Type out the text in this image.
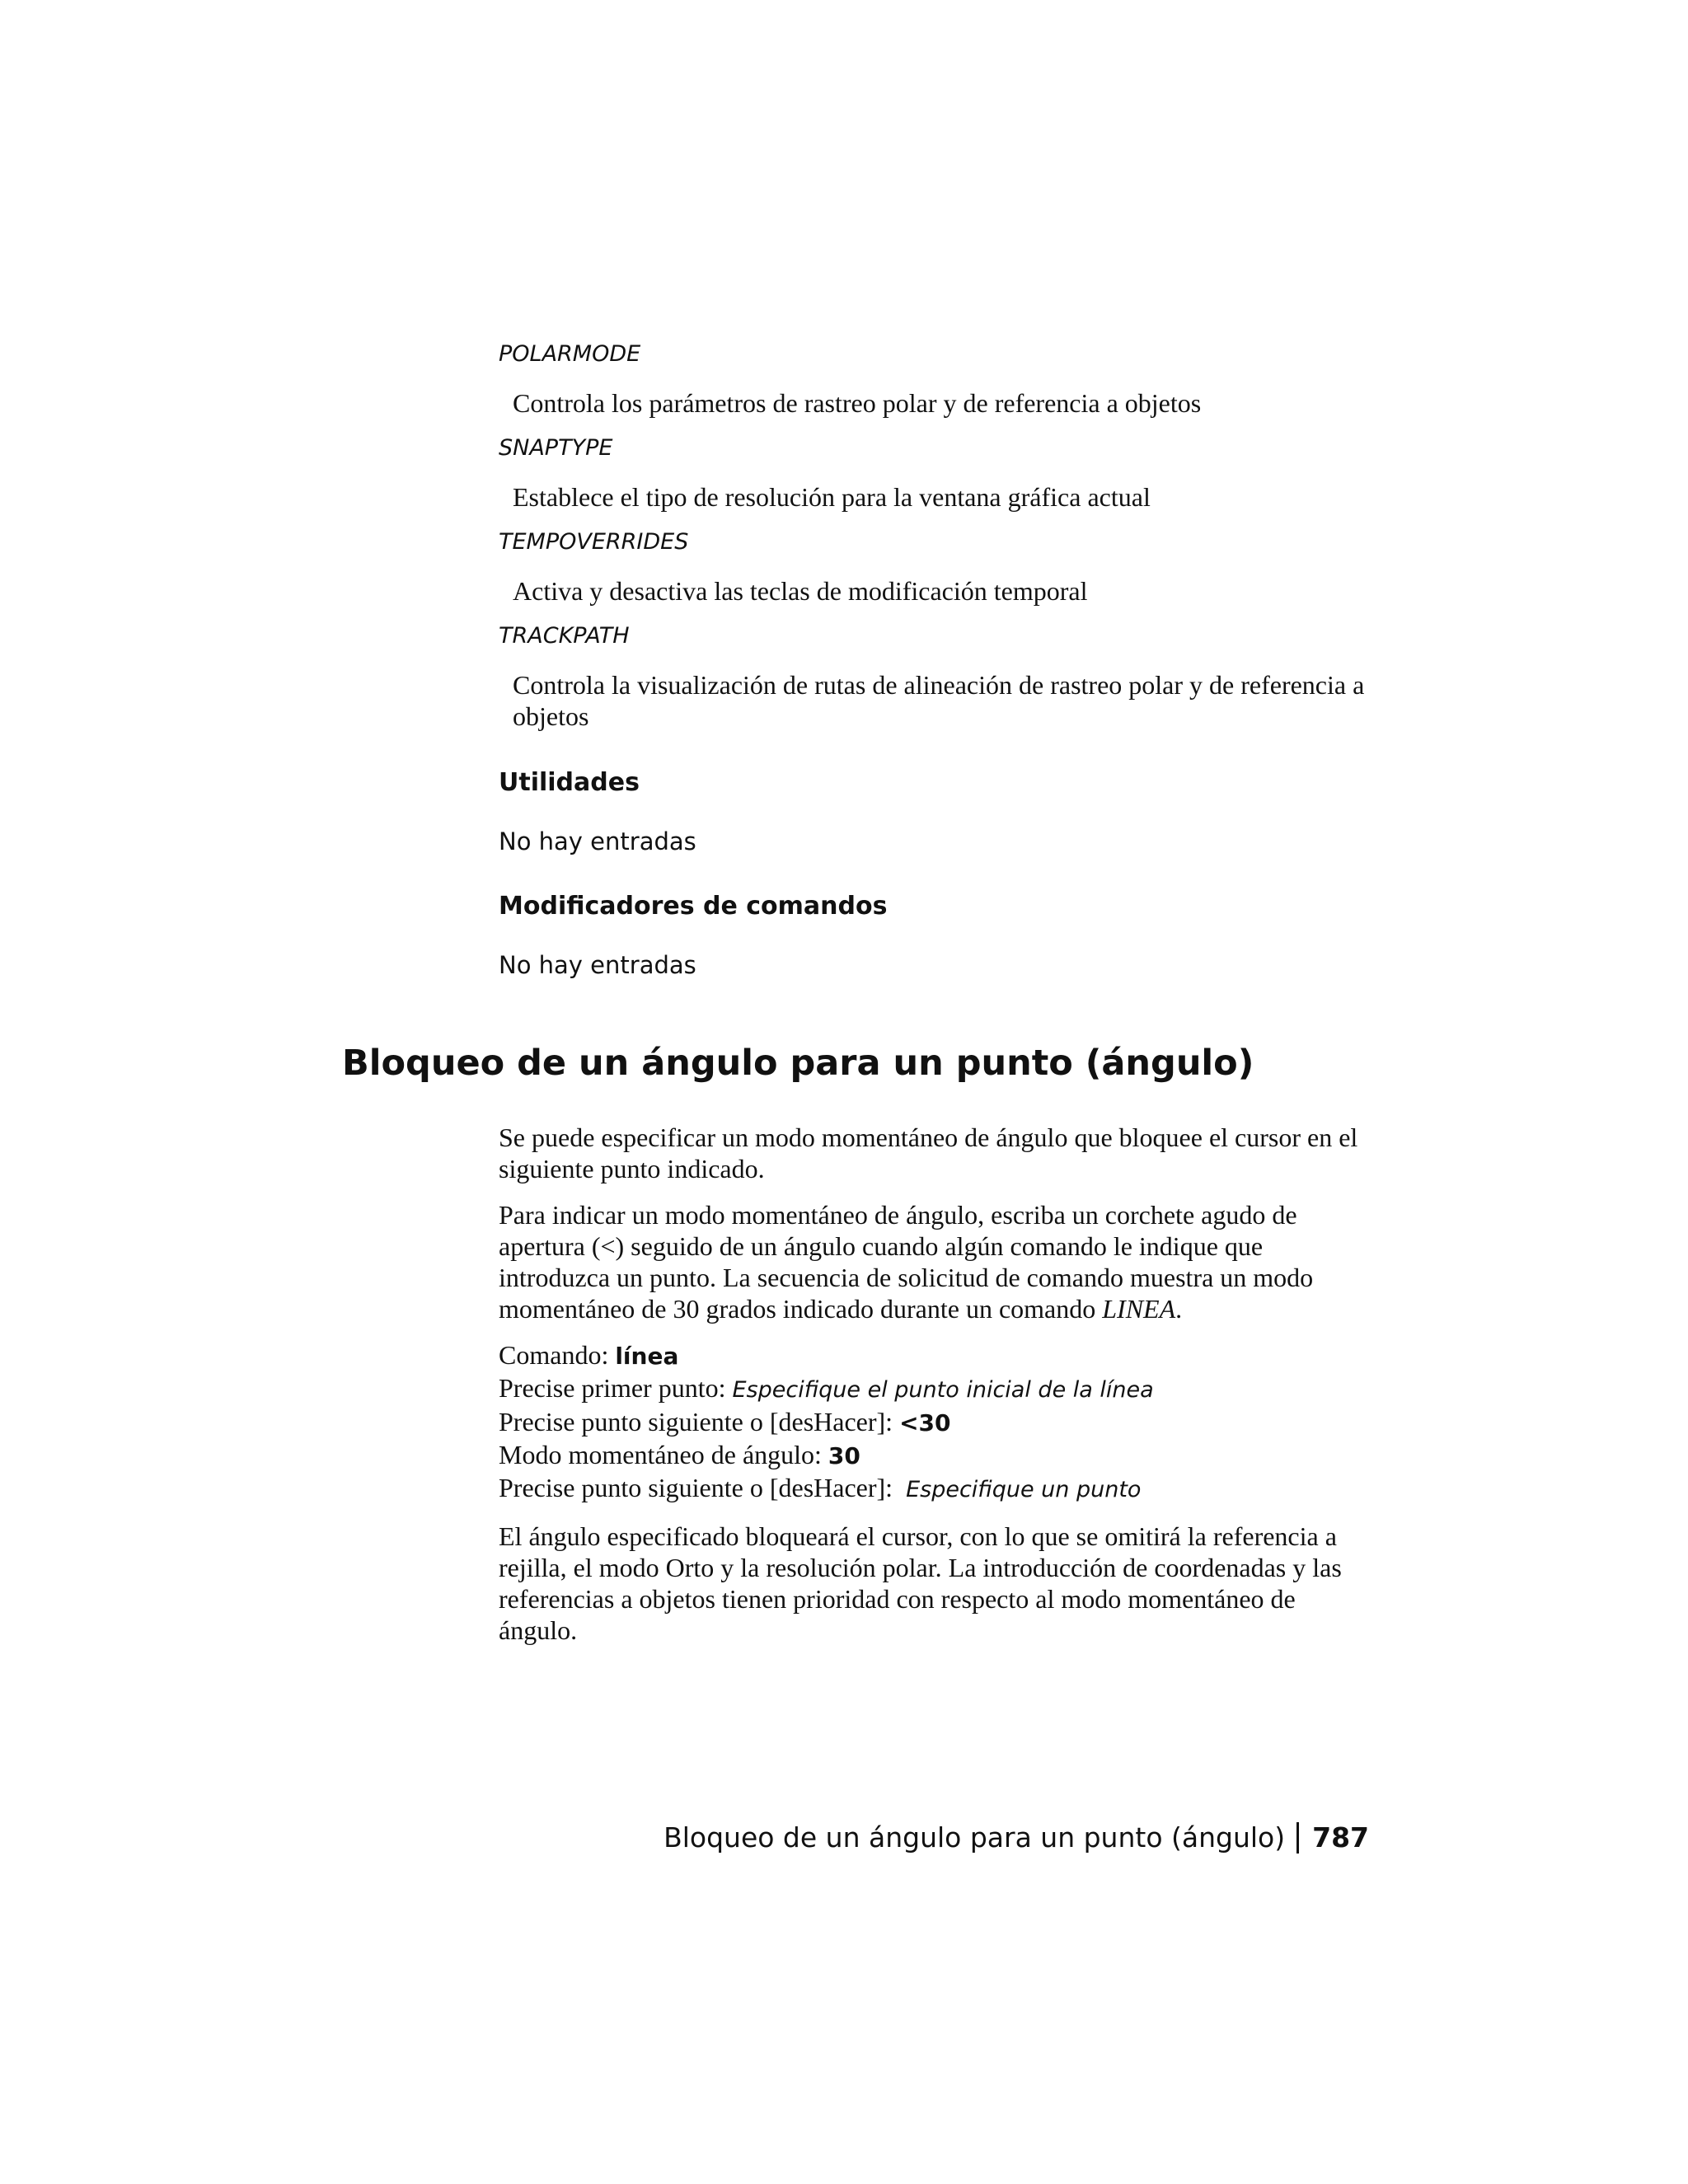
POLARMODE

Controla los parámetros de rastreo polar y de referencia a objetos

SNAPTYPE

Establece el tipo de resolución para la ventana gráfica actual

TEMPOVERRIDES

Activa y desactiva las teclas de modificación temporal

TRACKPATH

Controla la visualización de rutas de alineación de rastreo polar y de referencia a objetos

Utilidades

No hay entradas

Modificadores de comandos

No hay entradas

Bloqueo de un ángulo para un punto (ángulo)

Se puede especificar un modo momentáneo de ángulo que bloquee el cursor en el siguiente punto indicado.

Para indicar un modo momentáneo de ángulo, escriba un corchete agudo de apertura (<) seguido de un ángulo cuando algún comando le indique que introduzca un punto. La secuencia de solicitud de comando muestra un modo momentáneo de 30 grados indicado durante un comando LINEA.

Comando: línea

Precise primer punto: Especifique el punto inicial de la línea

Precise punto siguiente o [desHacer]: <30

Modo momentáneo de ángulo: 30

Precise punto siguiente o [desHacer]:  Especifique un punto

El ángulo especificado bloqueará el cursor, con lo que se omitirá la referencia a rejilla, el modo Orto y la resolución polar. La introducción de coordenadas y las referencias a objetos tienen prioridad con respecto al modo momentáneo de ángulo.

Bloqueo de un ángulo para un punto (ángulo) 787
